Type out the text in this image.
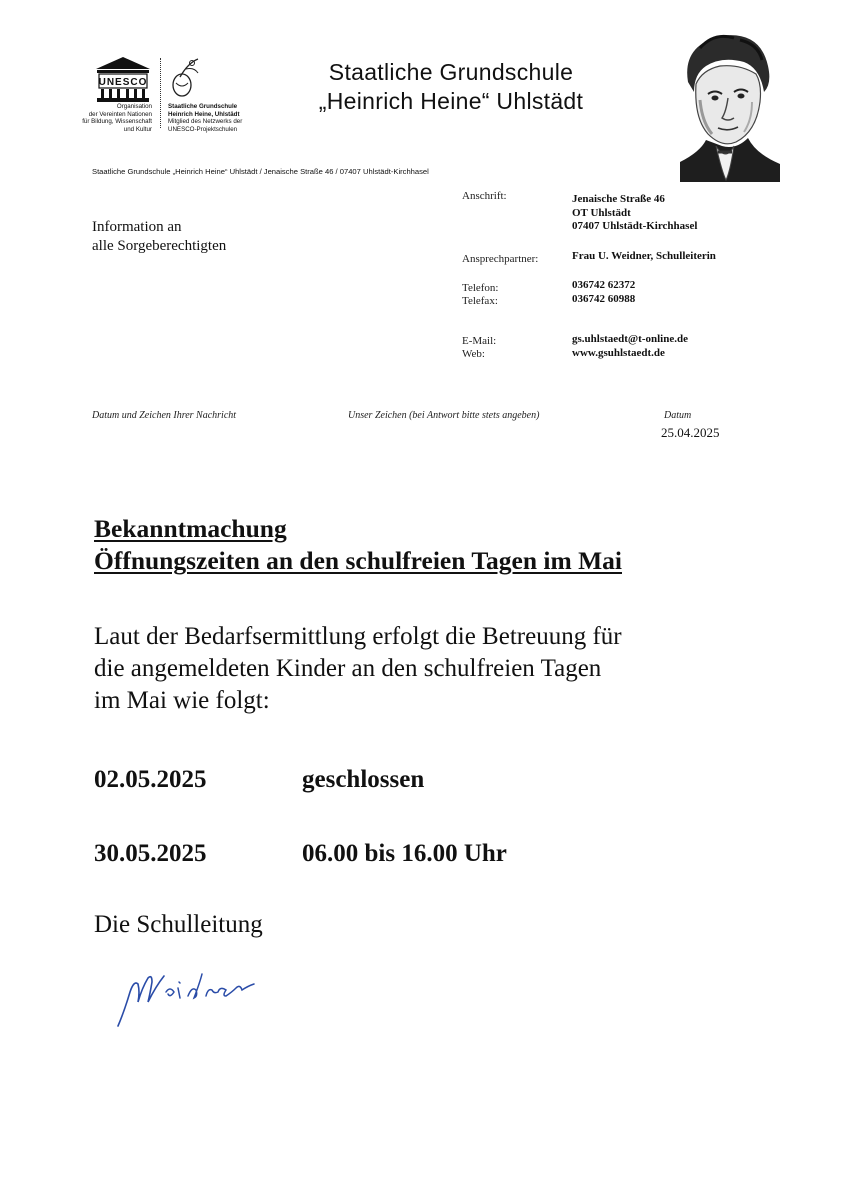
UNESCO
Organisation
der Vereinten Nationen
für Bildung, Wissenschaft
und Kultur
Staatliche Grundschule
Heinrich Heine, Uhlstädt
Mitglied des Netzwerks der
UNESCO-Projektschulen
Staatliche Grundschule
„Heinrich Heine“ Uhlstädt
Staatliche Grundschule „Heinrich Heine“ Uhlstädt / Jenaische Straße 46 / 07407 Uhlstädt-Kirchhasel
Information an
alle Sorgeberechtigten
Anschrift:	Jenaische Straße 46
OT Uhlstädt
07407 Uhlstädt-Kirchhasel
Ansprechpartner:	Frau U. Weidner, Schulleiterin
Telefon:	036742 62372
Telefax:	036742 60988
E-Mail:	gs.uhlstaedt@t-online.de
Web:	www.gsuhlstaedt.de
Datum und Zeichen Ihrer Nachricht	Unser Zeichen (bei Antwort bitte stets angeben)	Datum
25.04.2025
Bekanntmachung
Öffnungszeiten an den schulfreien Tagen im Mai
Laut der Bedarfsermittlung erfolgt die Betreuung für
die angemeldeten Kinder an den schulfreien Tagen
im Mai wie folgt:
02.05.2025	geschlossen
30.05.2025	06.00 bis 16.00 Uhr
Die Schulleitung
